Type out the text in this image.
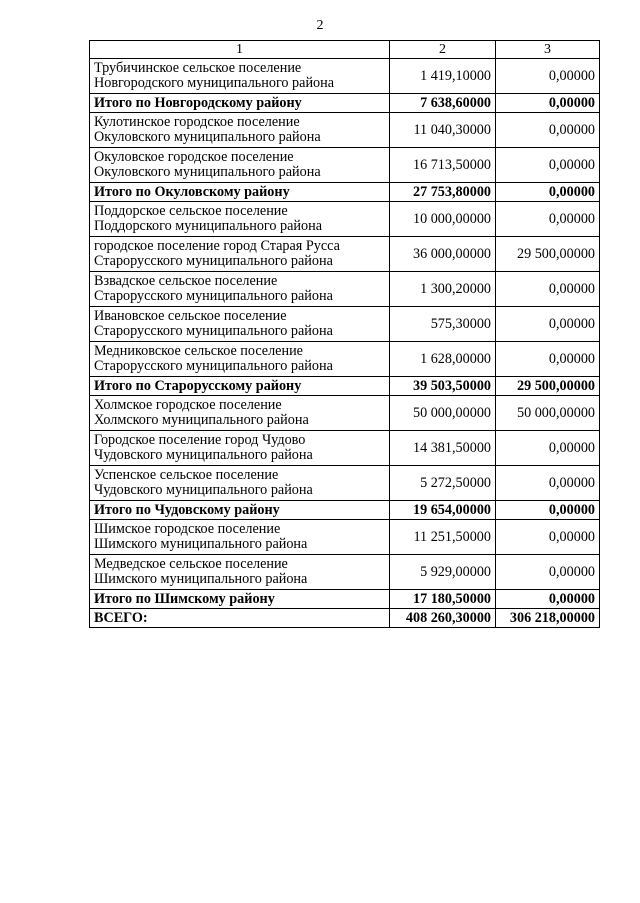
2
1	2	3

Трубичинское сельское поселение
Новгородского муниципального района	1 419,10000	0,00000

Итого по Новгородскому району	7 638,60000	0,00000

Кулотинское городское поселение
Окуловского муниципального района	11 040,30000	0,00000

Окуловское городское поселение
Окуловского муниципального района	16 713,50000	0,00000

Итого по Окуловскому району	27 753,80000	0,00000

Поддорское сельское поселение
Поддорского муниципального района	10 000,00000	0,00000

городское поселение город Старая Русса
Старорусского муниципального района	36 000,00000	29 500,00000

Взвадское сельское поселение
Старорусского муниципального района	1 300,20000	0,00000

Ивановское сельское поселение
Старорусского муниципального района	575,30000	0,00000

Медниковское сельское поселение
Старорусского муниципального района	1 628,00000	0,00000

Итого по Старорусскому району	39 503,50000	29 500,00000

Холмское городское поселение
Холмского муниципального района	50 000,00000	50 000,00000

Городское поселение город Чудово
Чудовского муниципального района	14 381,50000	0,00000

Успенское сельское поселение
Чудовского муниципального района	5 272,50000	0,00000

Итого по Чудовскому району	19 654,00000	0,00000

Шимское городское поселение
Шимского муниципального района	11 251,50000	0,00000

Медведское сельское поселение
Шимского муниципального района	5 929,00000	0,00000

Итого по Шимскому району	17 180,50000	0,00000

ВСЕГО:	408 260,30000	306 218,00000
